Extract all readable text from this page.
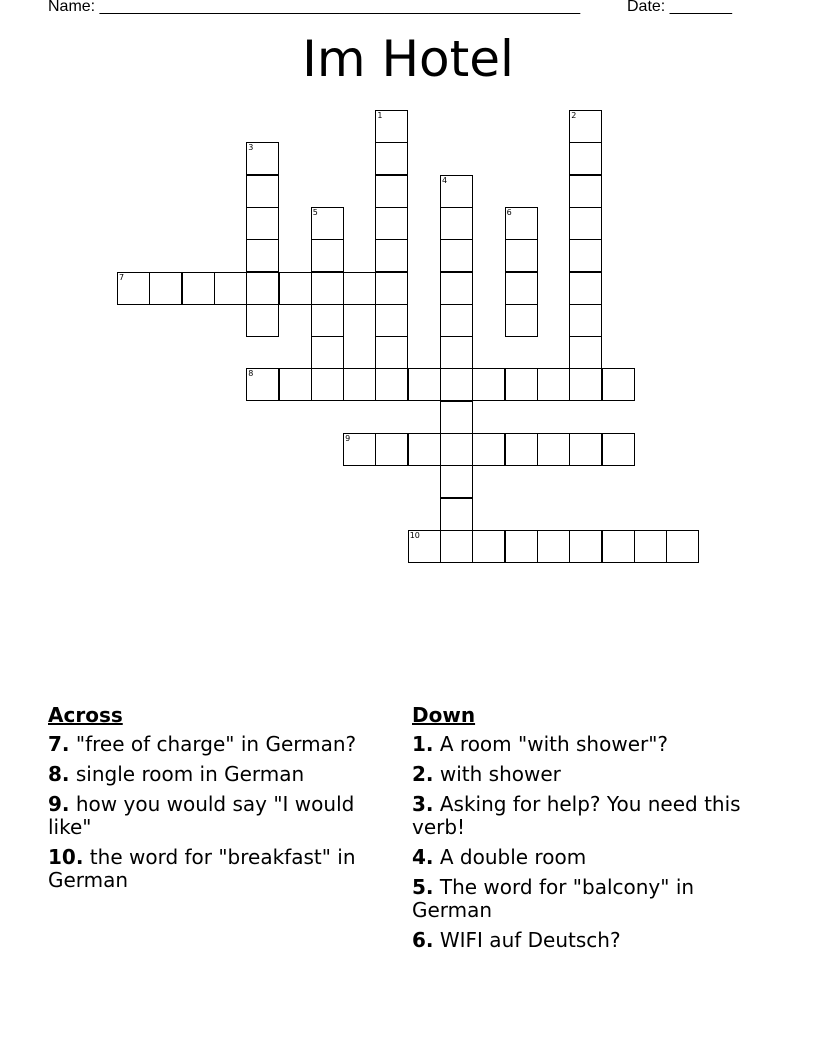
Name: ______________________________________________________	Date: _______
Im Hotel
1	2
3
4
5	6
7
8
9
10
Across
7. "free of charge" in German?
8. single room in German
9. how you would say "I would like"
10. the word for "breakfast" in German
Down
1. A room "with shower"?
2. with shower
3. Asking for help? You need this verb!
4. A double room
5. The word for "balcony" in German
6. WIFI auf Deutsch?
